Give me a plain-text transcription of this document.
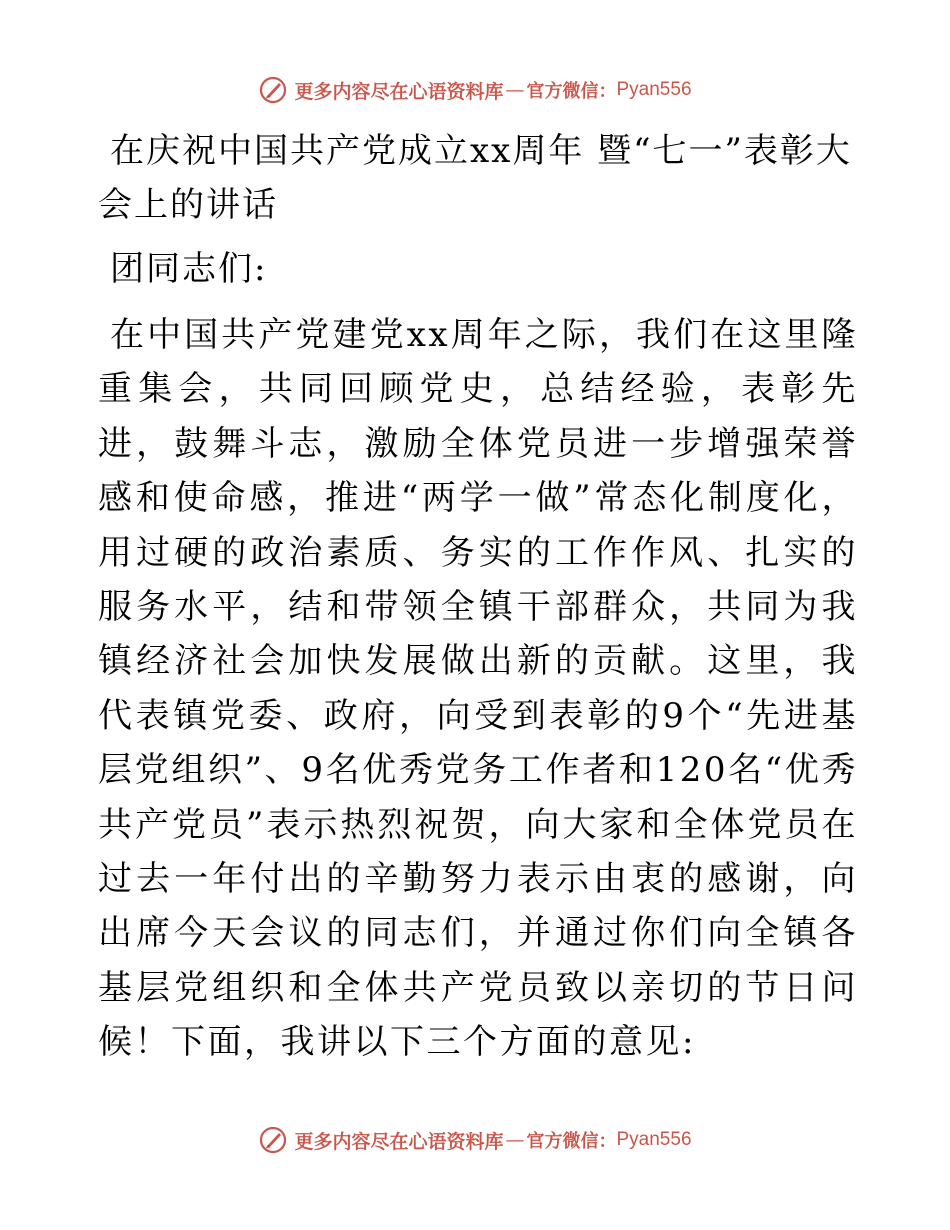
更多内容尽在心语资料库 — 官方微信： Pyan556
在庆祝中国共产党成立xx周年 暨“七一”表彰大会上的讲话

团同志们:

在中国共产党建党xx周年之际，我们在这里隆重集会，共同回顾党史，总结经验，表彰先进，鼓舞斗志，激励全体党员进一步增强荣誉感和使命感，推进“两学一做”常态化制度化，用过硬的政治素质、务实的工作作风、扎实的服务水平，结和带领全镇干部群众，共同为我镇经济社会加快发展做出新的贡献。这里，我代表镇党委、政府，向受到表彰的9个“先进基层党组织”、9名优秀党务工作者和120名“优秀共产党员”表示热烈祝贺，向大家和全体党员在过去一年付出的辛勤努力表示由衷的感谢，向出席今天会议的同志们，并通过你们向全镇各基层党组织和全体共产党员致以亲切的节日问候！下面，我讲以下三个方面的意见:

更多内容尽在心语资料库 — 官方微信： Pyan556
